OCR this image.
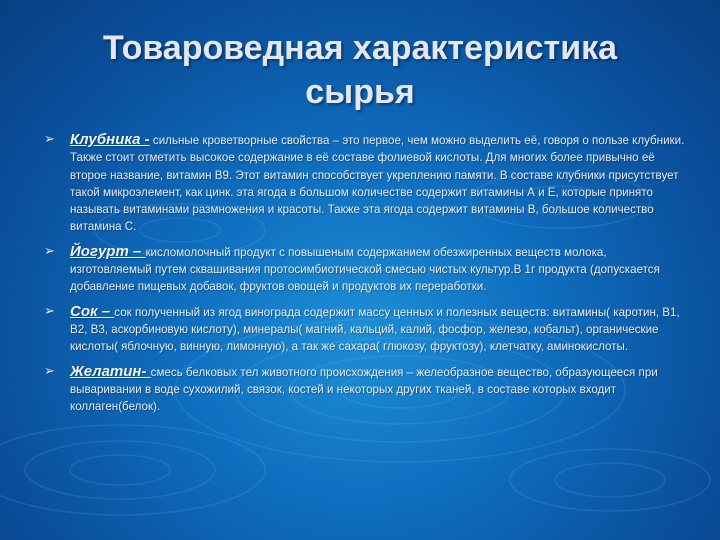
Товароведная характеристика
сырья
➢ Клубника - сильные кроветворные свойства – это первое, чем можно выделить её, говоря о пользе клубники. Также стоит отметить высокое содержание в её составе фолиевой кислоты. Для многих более привычно её второе название, витамин В9. Этот витамин способствует укреплению памяти. В составе клубники присутствует такой микроэлемент, как цинк. эта ягода в большом количестве содержит витамины А и Е, которые принято называть витаминами размножения и красоты. Также эта ягода содержит витамины В, большое количество витамина С.
➢ Йогурт – кисломолочный продукт с повышеным содержанием обезжиренных веществ молока, изготовляемый путем сквашивания протосимбиотической смесью чистых культур.В 1г продукта (допускается добавление пищевых добавок, фруктов овощей и продуктов их переработки.
➢ Сок – сок полученный из ягод винограда содержит массу ценных и полезных веществ: витамины( каротин, В1, В2, В3, аскорбиновую кислоту), минералы( магний, кальций, калий, фосфор, железо, кобальт), органические кислоты( яблочную, винную, лимонную), а так же сахара( глюкозу, фруктозу), клетчатку, аминокислоты.
➢ Желатин- смесь белковых тел животного происхождения – желеобразное вещество, образующееся при вываривании в воде сухожилий, связок, костей и некоторых других тканей, в составе которых входит коллаген(белок).
